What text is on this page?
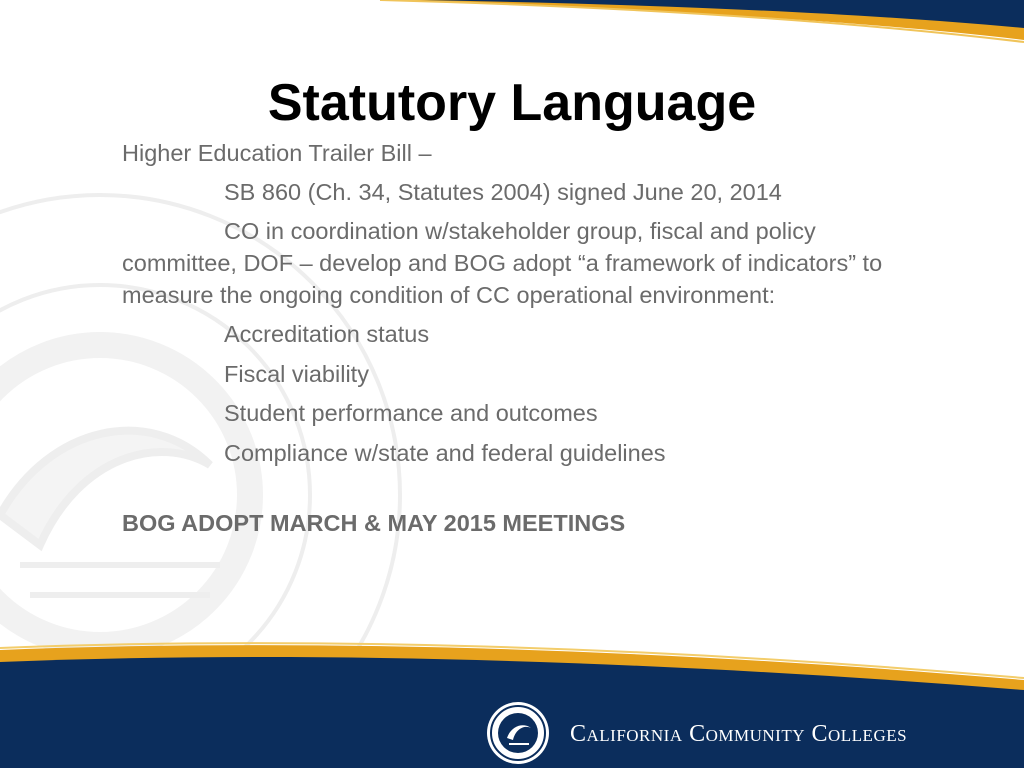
Statutory Language

Higher Education Trailer Bill –

SB 860 (Ch. 34, Statutes 2004) signed June 20, 2014

CO in coordination w/stakeholder group, fiscal and policy committee, DOF – develop and BOG adopt “a framework of indicators” to measure the ongoing condition of CC operational environment:

Accreditation status

Fiscal viability

Student performance and outcomes

Compliance w/state and federal guidelines

BOG ADOPT MARCH & MAY 2015 MEETINGS

California Community Colleges
